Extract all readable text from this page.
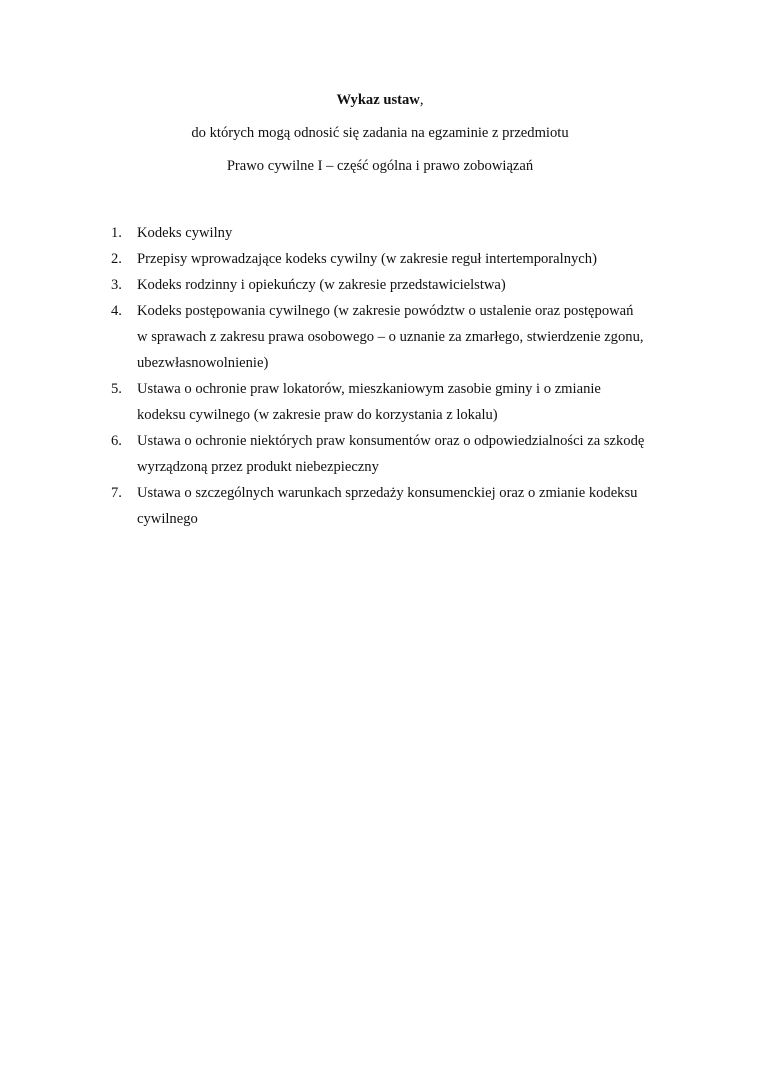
Wykaz ustaw,
do których mogą odnosić się zadania na egzaminie z przedmiotu
Prawo cywilne I – część ogólna i prawo zobowiązań
1.	Kodeks cywilny
2.	Przepisy wprowadzające kodeks cywilny (w zakresie reguł intertemporalnych)
3.	Kodeks rodzinny i opiekuńczy (w zakresie przedstawicielstwa)
4.	Kodeks postępowania cywilnego (w zakresie powództw o ustalenie oraz postępowań
w sprawach z zakresu prawa osobowego – o uznanie za zmarłego, stwierdzenie zgonu,
ubezwłasnowolnienie)
5.	Ustawa o ochronie praw lokatorów, mieszkaniowym zasobie gminy i o zmianie
kodeksu cywilnego (w zakresie praw do korzystania z lokalu)
6.	Ustawa o ochronie niektórych praw konsumentów oraz o odpowiedzialności za szkodę
wyrządzoną przez produkt niebezpieczny
7.	Ustawa o szczególnych warunkach sprzedaży konsumenckiej oraz o zmianie kodeksu
cywilnego
